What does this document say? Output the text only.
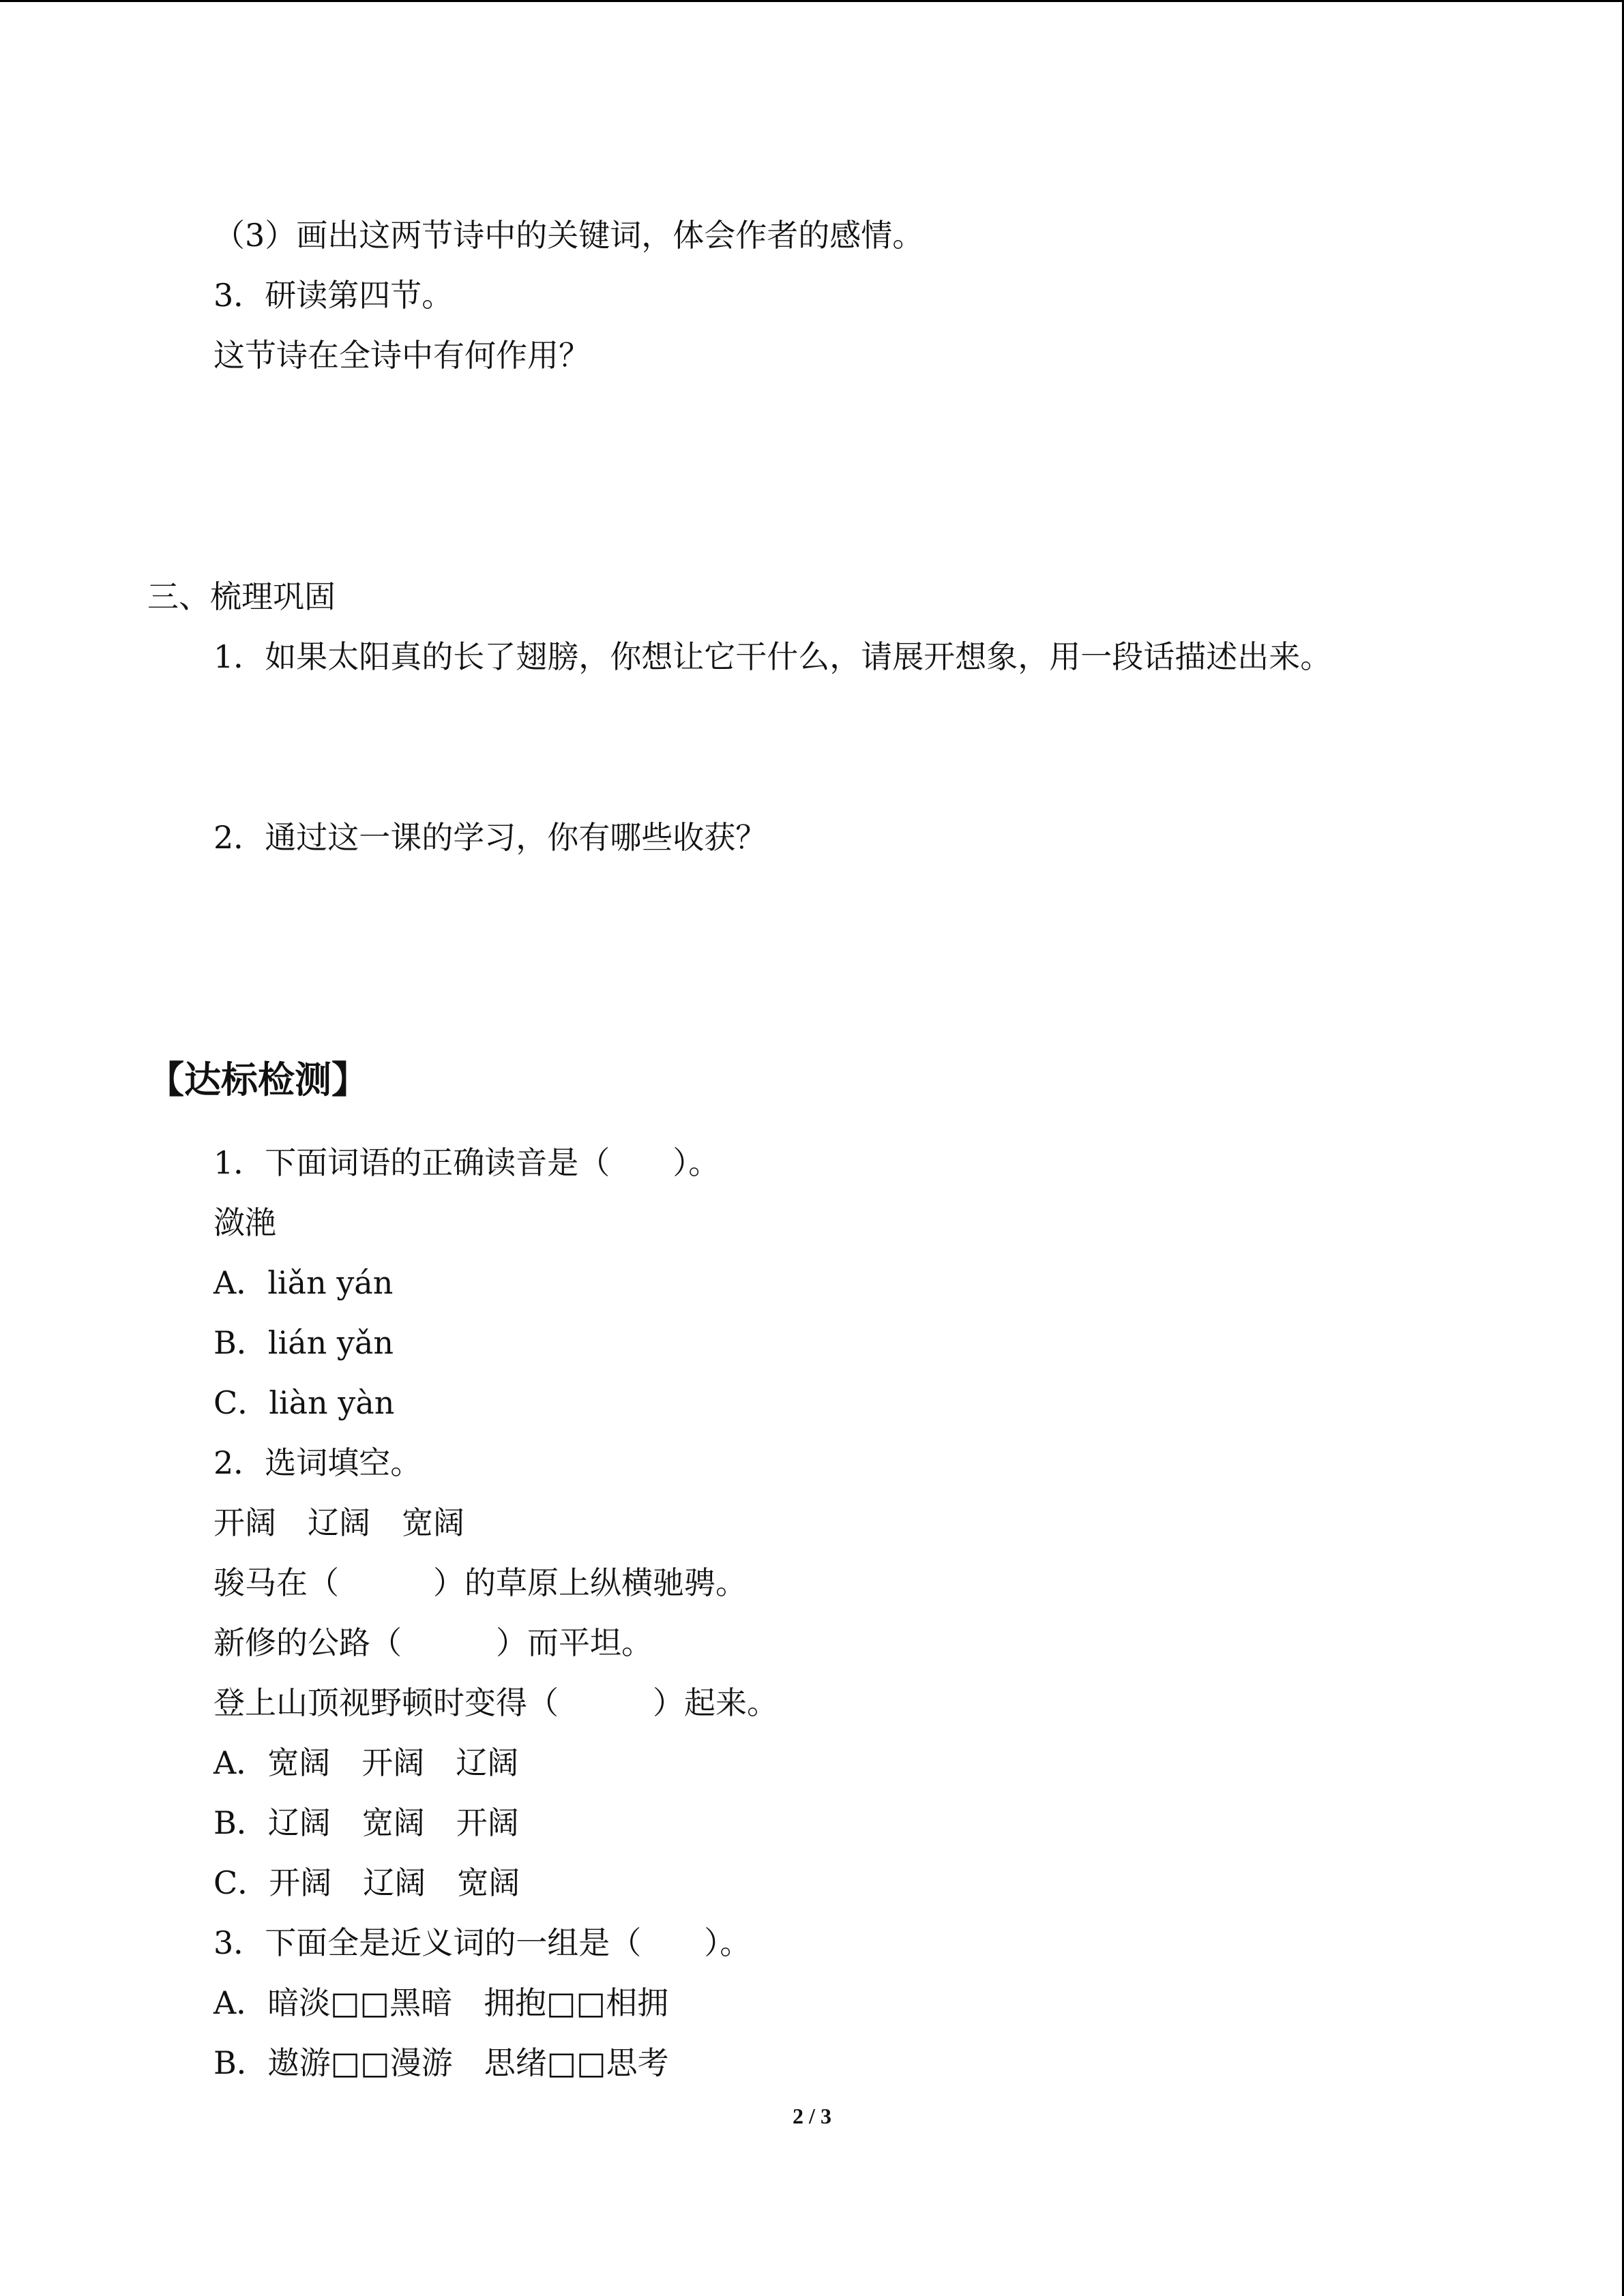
（3）画出这两节诗中的关键词，体会作者的感情。
3．研读第四节。
这节诗在全诗中有何作用？
三、梳理巩固
1．如果太阳真的长了翅膀，你想让它干什么，请展开想象，用一段话描述出来。
2．通过这一课的学习，你有哪些收获？
【达标检测】
1．下面词语的正确读音是（　　）。
潋滟
A．liǎn yán
B．lián yǎn
C．liàn yàn
2．选词填空。
开阔　辽阔　宽阔
骏马在（　　　）的草原上纵横驰骋。
新修的公路（　　　）而平坦。
登上山顶视野顿时变得（　　　）起来。
A．宽阔　开阔　辽阔
B．辽阔　宽阔　开阔
C．开阔　辽阔　宽阔
3．下面全是近义词的一组是（　　）。
A．暗淡□□黑暗　拥抱□□相拥
B．遨游□□漫游　思绪□□思考
2 / 3
